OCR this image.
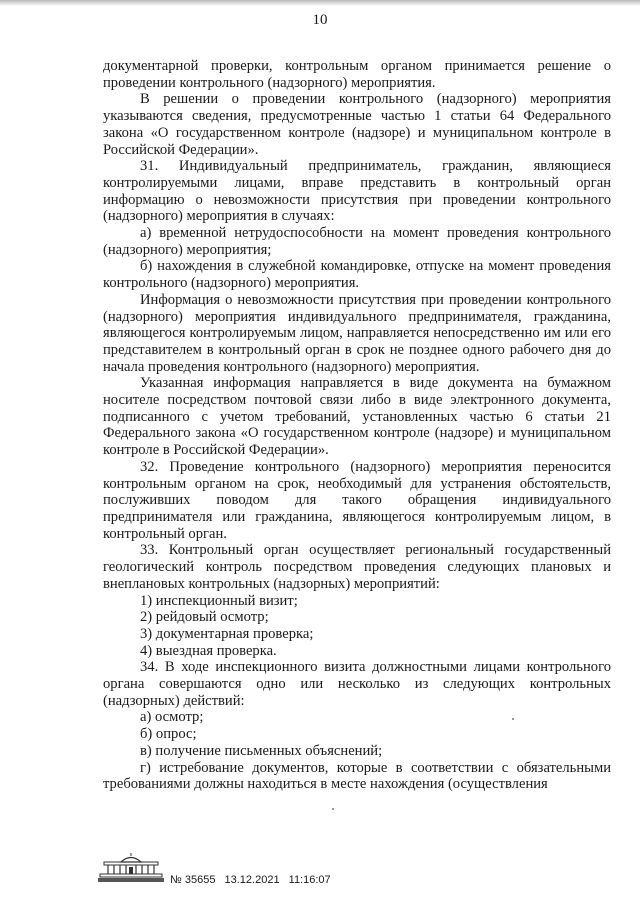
10

документарной проверки, контрольным органом принимается решение о проведении контрольного (надзорного) мероприятия.

В решении о проведении контрольного (надзорного) мероприятия указываются сведения, предусмотренные частью 1 статьи 64 Федерального закона «О государственном контроле (надзоре) и муниципальном контроле в Российской Федерации».

31. Индивидуальный предприниматель, гражданин, являющиеся контролируемыми лицами, вправе представить в контрольный орган информацию о невозможности присутствия при проведении контрольного (надзорного) мероприятия в случаях:

а) временной нетрудоспособности на момент проведения контрольного (надзорного) мероприятия;

б) нахождения в служебной командировке, отпуске на момент проведения контрольного (надзорного) мероприятия.

Информация о невозможности присутствия при проведении контрольного (надзорного) мероприятия индивидуального предпринимателя, гражданина, являющегося контролируемым лицом, направляется непосредственно им или его представителем в контрольный орган в срок не позднее одного рабочего дня до начала проведения контрольного (надзорного) мероприятия.

Указанная информация направляется в виде документа на бумажном носителе посредством почтовой связи либо в виде электронного документа, подписанного с учетом требований, установленных частью 6 статьи 21 Федерального закона «О государственном контроле (надзоре) и муниципальном контроле в Российской Федерации».

32. Проведение контрольного (надзорного) мероприятия переносится контрольным органом на срок, необходимый для устранения обстоятельств, послуживших поводом для такого обращения индивидуального предпринимателя или гражданина, являющегося контролируемым лицом, в контрольный орган.

33. Контрольный орган осуществляет региональный государственный геологический контроль посредством проведения следующих плановых и внеплановых контрольных (надзорных) мероприятий:

1) инспекционный визит;

2) рейдовый осмотр;

3) документарная проверка;

4) выездная проверка.

34. В ходе инспекционного визита должностными лицами контрольного органа совершаются одно или несколько из следующих контрольных (надзорных) действий:

а) осмотр;

б) опрос;

в) получение письменных объяснений;

г) истребование документов, которые в соответствии с обязательными требованиями должны находиться в месте нахождения (осуществления

№ 35655 13.12.2021 11:16:07
